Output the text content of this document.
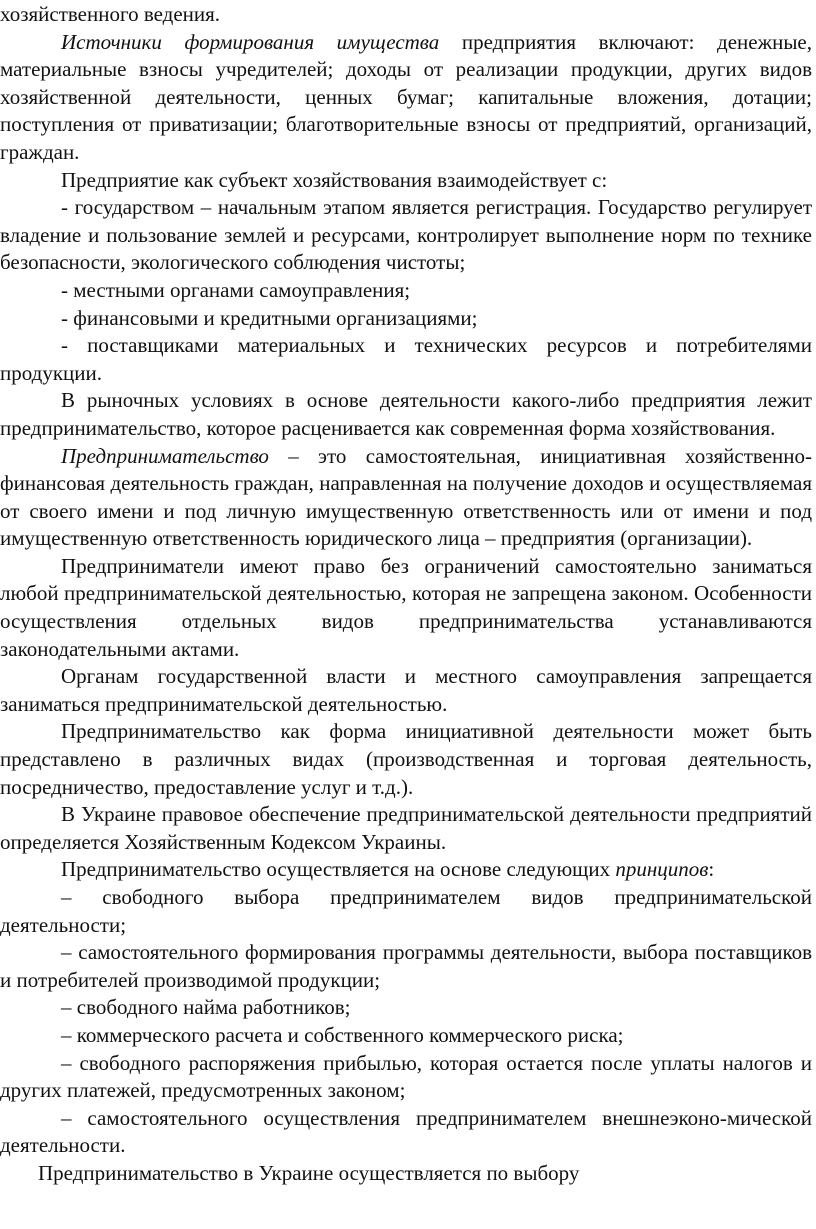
хозяйственного ведения.

Источники формирования имущества предприятия включают: денежные, материальные взносы учредителей; доходы от реализации продукции, других видов хозяйственной деятельности, ценных бумаг; капитальные вложения, дотации; поступления от приватизации; благотворительные взносы от предприятий, организаций, граждан.

Предприятие как субъект хозяйствования взаимодействует с:

- государством – начальным этапом является регистрация. Государство регулирует владение и пользование землей и ресурсами, контролирует выполнение норм по технике безопасности, экологического соблюдения чистоты;

- местными органами самоуправления;

- финансовыми и кредитными организациями;

- поставщиками материальных и технических ресурсов и потребителями продукции.

В рыночных условиях в основе деятельности какого-либо предприятия лежит предпринимательство, которое расценивается как современная форма хозяйствования.

Предпринимательство – это самостоятельная, инициативная хозяйственно-финансовая деятельность граждан, направленная на получение доходов и осуществляемая от своего имени и под личную имущественную ответственность или от имени и под имущественную ответственность юридического лица – предприятия (организации).

Предприниматели имеют право без ограничений самостоятельно заниматься любой предпринимательской деятельностью, которая не запрещена законом. Особенности осуществления отдельных видов предпринимательства устанавливаются законодательными актами.

Органам государственной власти и местного самоуправления запрещается заниматься предпринимательской деятельностью.

Предпринимательство как форма инициативной деятельности может быть представлено в различных видах (производственная и торговая деятельность, посредничество, предоставление услуг и т.д.).

В Украине правовое обеспечение предпринимательской деятельности предприятий определяется Хозяйственным Кодексом Украины.

Предпринимательство осуществляется на основе следующих принципов:

– свободного выбора предпринимателем видов предпринимательской деятельности;

– самостоятельного формирования программы деятельности, выбора поставщиков и потребителей производимой продукции;

– свободного найма работников;

– коммерческого расчета и собственного коммерческого риска;

– свободного распоряжения прибылью, которая остается после уплаты налогов и других платежей, предусмотренных законом;

– самостоятельного осуществления предпринимателем внешнеэконо-мической деятельности.

Предпринимательство в Украине осуществляется по выбору
